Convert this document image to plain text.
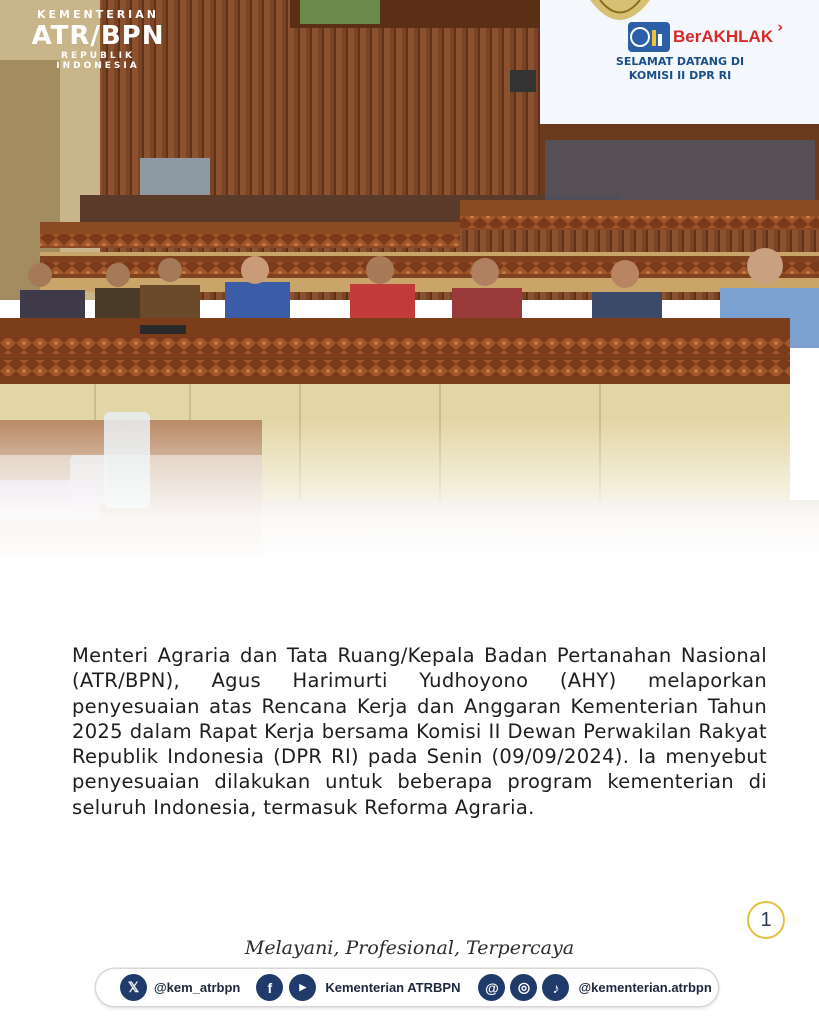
SELAMAT DATANG DI
KOMISI II DPR RI
BerAKHLAK ›
KEMENTERIAN
ATR/BPN
REPUBLIK INDONESIA
Menteri Agraria dan Tata Ruang/Kepala Badan Pertanahan Nasional (ATR/BPN), Agus Harimurti Yudhoyono (AHY) melaporkan penyesuaian atas Rencana Kerja dan Anggaran Kementerian Tahun 2025 dalam Rapat Kerja bersama Komisi II Dewan Perwakilan Rakyat Republik Indonesia (DPR RI) pada Senin (09/09/2024). Ia menyebut penyesuaian dilakukan untuk beberapa program kementerian di seluruh Indonesia, termasuk Reforma Agraria.
1
Melayani, Profesional, Terpercaya
𝕏	@kem_atrbpn	f	▶	Kementerian ATRBPN	@	◎	♪	@kementerian.atrbpn
